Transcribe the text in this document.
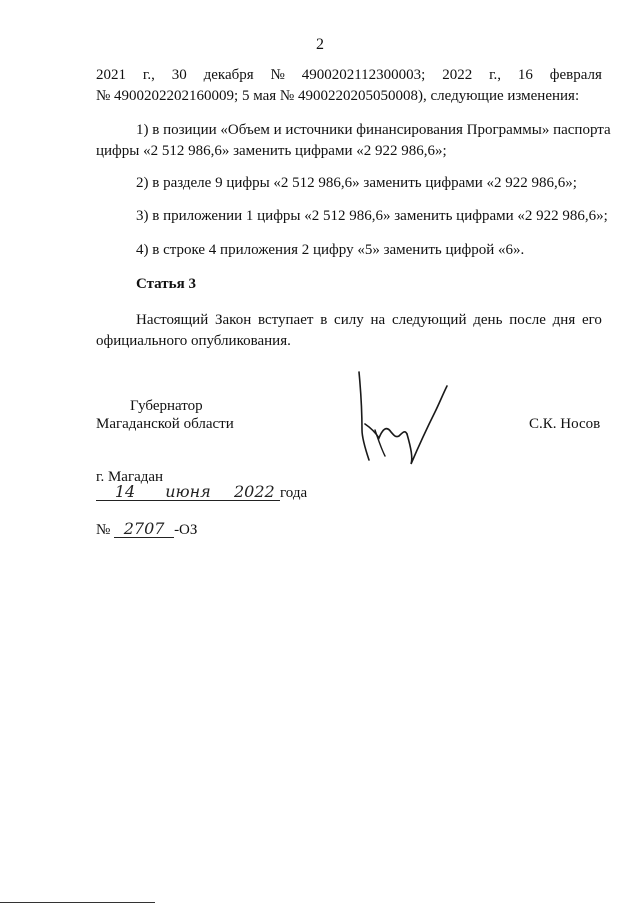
2
2021 г., 30 декабря № 4900202112300003; 2022 г., 16 февраля
№ 4900202202160009; 5 мая № 4900220205050008), следующие изменения:
1) в позиции «Объем и источники финансирования Программы» паспорта
цифры «2 512 986,6» заменить цифрами «2 922 986,6»;
2) в разделе 9 цифры «2 512 986,6» заменить цифрами «2 922 986,6»;
3) в приложении 1 цифры «2 512 986,6» заменить цифрами «2 922 986,6»;
4) в строке 4 приложения 2 цифру «5» заменить цифрой «6».
Статья 3
Настоящий Закон вступает в силу на следующий день после дня его
официального опубликования.
Губернатор
Магаданской области	С.К. Носов
г. Магадан
14 июня 2022 года
№ 2707 -ОЗ
